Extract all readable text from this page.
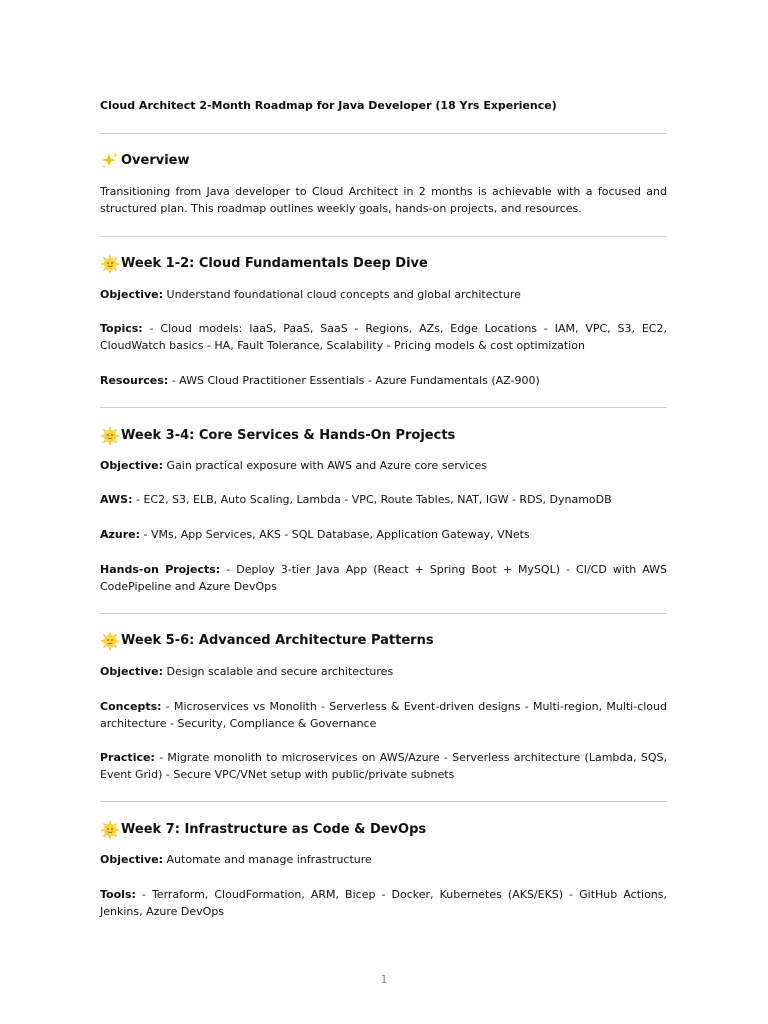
Cloud Architect 2-Month Roadmap for Java Developer (18 Yrs Experience)
Overview
Transitioning from Java developer to Cloud Architect in 2 months is achievable with a focused and structured plan. This roadmap outlines weekly goals, hands-on projects, and resources.
Week 1-2: Cloud Fundamentals Deep Dive
Objective: Understand foundational cloud concepts and global architecture
Topics: - Cloud models: IaaS, PaaS, SaaS - Regions, AZs, Edge Locations - IAM, VPC, S3, EC2, CloudWatch basics - HA, Fault Tolerance, Scalability - Pricing models & cost optimization
Resources: - AWS Cloud Practitioner Essentials - Azure Fundamentals (AZ-900)
Week 3-4: Core Services & Hands-On Projects
Objective: Gain practical exposure with AWS and Azure core services
AWS: - EC2, S3, ELB, Auto Scaling, Lambda - VPC, Route Tables, NAT, IGW - RDS, DynamoDB
Azure: - VMs, App Services, AKS - SQL Database, Application Gateway, VNets
Hands-on Projects: - Deploy 3-tier Java App (React + Spring Boot + MySQL) - CI/CD with AWS CodePipeline and Azure DevOps
Week 5-6: Advanced Architecture Patterns
Objective: Design scalable and secure architectures
Concepts: - Microservices vs Monolith - Serverless & Event-driven designs - Multi-region, Multi-cloud architecture - Security, Compliance & Governance
Practice: - Migrate monolith to microservices on AWS/Azure - Serverless architecture (Lambda, SQS, Event Grid) - Secure VPC/VNet setup with public/private subnets
Week 7: Infrastructure as Code & DevOps
Objective: Automate and manage infrastructure
Tools: - Terraform, CloudFormation, ARM, Bicep - Docker, Kubernetes (AKS/EKS) - GitHub Actions, Jenkins, Azure DevOps
1
